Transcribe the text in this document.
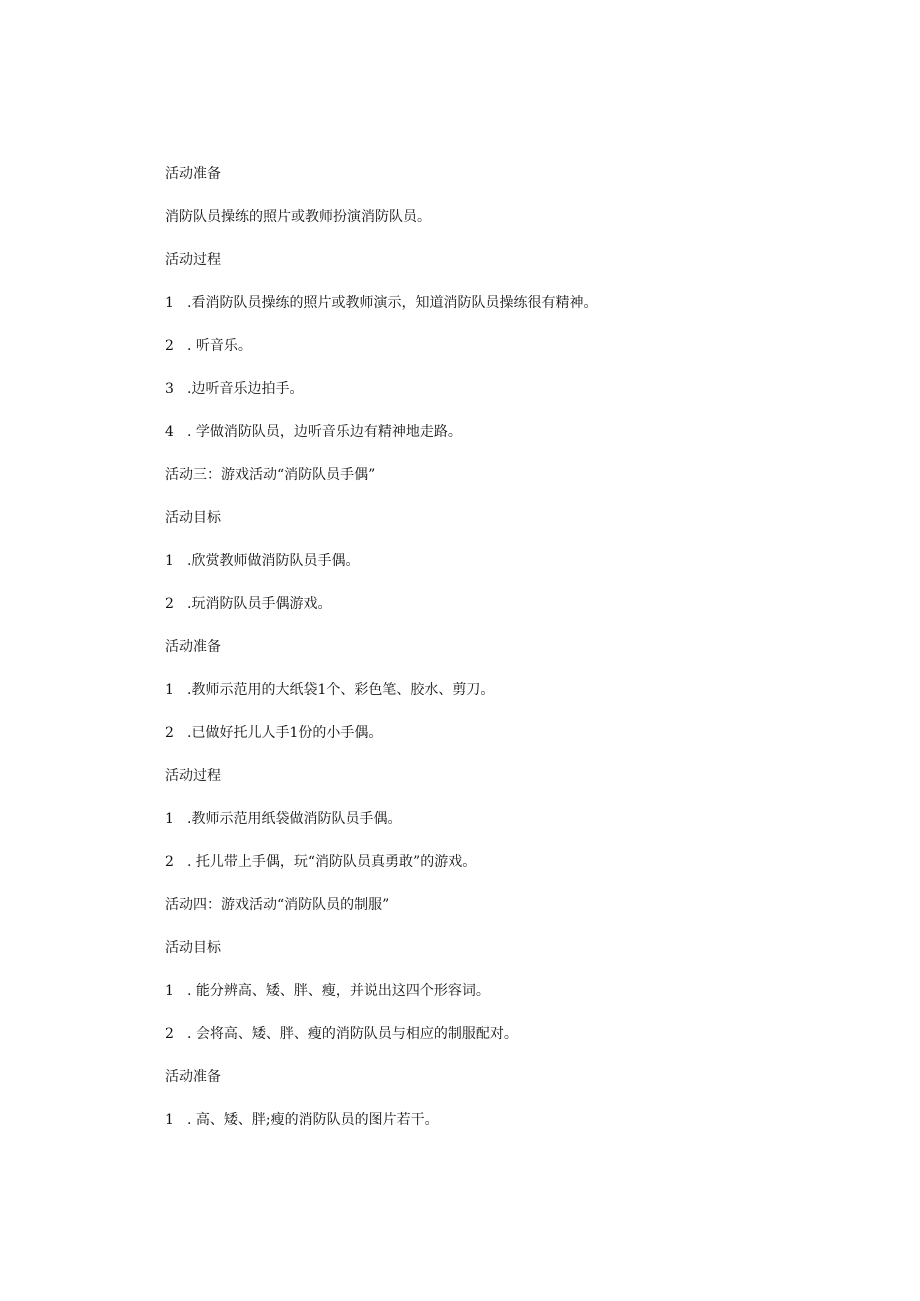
活动准备
消防队员操练的照片或教师扮演消防队员。
活动过程
1 .看消防队员操练的照片或教师演示，知道消防队员操练很有精神。
2 . 听音乐。
3 .边听音乐边拍手。
4 . 学做消防队员，边听音乐边有精神地走路。
活动三：游戏活动“消防队员手偶”
活动目标
1 .欣赏教师做消防队员手偶。
2 .玩消防队员手偶游戏。
活动准备
1 .教师示范用的大纸袋1个、彩色笔、胶水、剪刀。
2 .已做好托儿人手1份的小手偶。
活动过程
1 .教师示范用纸袋做消防队员手偶。
2 . 托儿带上手偶，玩“消防队员真勇敢”的游戏。
活动四：游戏活动“消防队员的制服”
活动目标
1 . 能分辨高、矮、胖、瘦，并说出这四个形容词。
2 . 会将高、矮、胖、瘦的消防队员与相应的制服配对。
活动准备
1 . 高、矮、胖;瘦的消防队员的图片若干。
